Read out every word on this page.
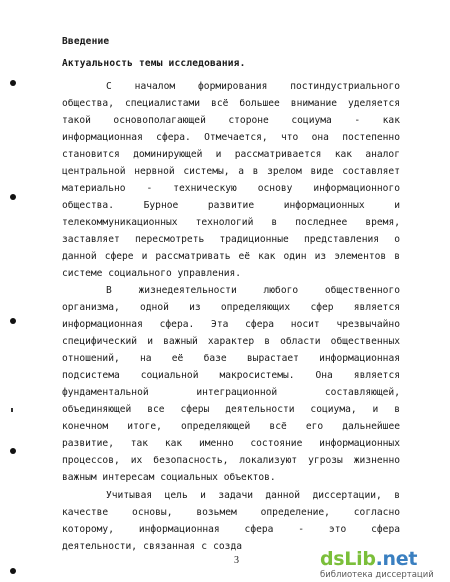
Введение
Актуальность темы исследования.
С началом формирования постиндустриального
общества, специалистами всё большее внимание уделяется
такой основополагающей стороне социума - как
информационная сфера. Отмечается, что она постепенно
становится доминирующей и рассматривается как аналог
центральной нервной системы, а в зрелом виде составляет
материально - техническую основу информационного
общества. Бурное развитие информационных и
телекоммуникационных технологий в последнее время,
заставляет пересмотреть традиционные представления о
данной сфере и рассматривать её как один из элементов в
системе социального управления.
В жизнедеятельности любого общественного
организма, одной из определяющих сфер является
информационная сфера. Эта сфера носит чрезвычайно
специфический и важный характер в области общественных
отношений, на её базе вырастает информационная
подсистема социальной макросистемы. Она является
фундаментальной интеграционной составляющей,
объединяющей все сферы деятельности социума, и в
конечном итоге, определяющей всё его дальнейшее
развитие, так как именно состояние информационных
процессов, их безопасность, локализуют угрозы жизненно
важным интересам социальных объектов.
Учитывая цель и задачи данной диссертации, в
качестве основы, возьмем определение, согласно
которому, информационная сфера - это сфера
деятельности, связанная с созда
3	dsLib.net
библиотека диссертаций
